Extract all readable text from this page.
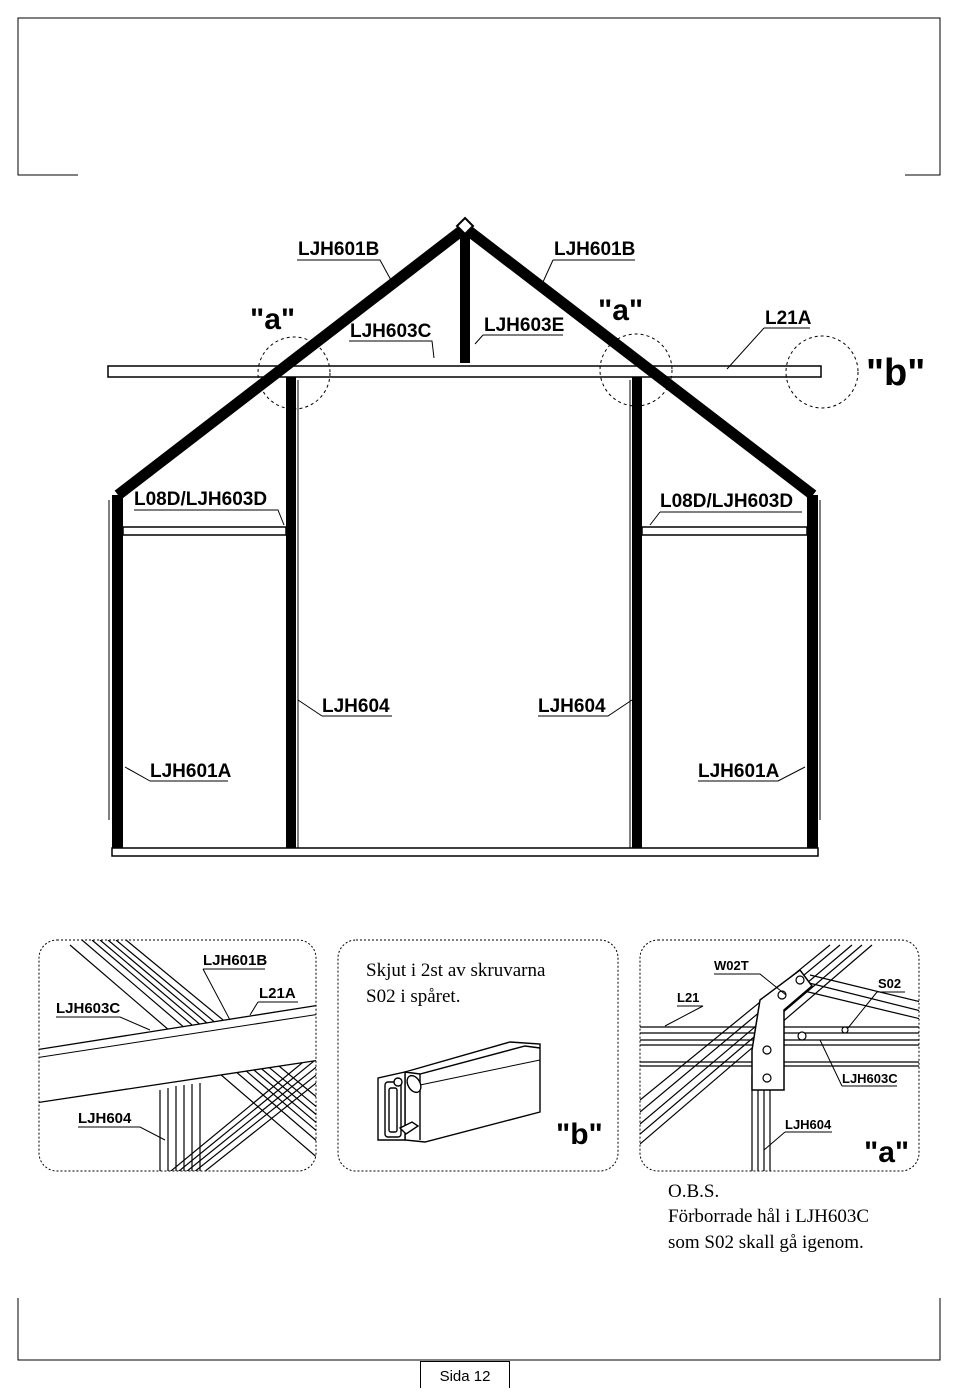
LJH601B	LJH601B
"a"	"a"
LJH603C	LJH603E	L21A
"b"
L08D/LJH603D	L08D/LJH603D
LJH604	LJH604
LJH601A	LJH601A
LJH601B
LJH603C
L21A
LJH604
Skjut i 2st av skruvarna
S02 i spåret.
"b"
W02T
L21
S02
LJH603C
LJH604
"a"
O.B.S.
Förborrade hål i LJH603C
som S02 skall gå igenom.
Sida 12
